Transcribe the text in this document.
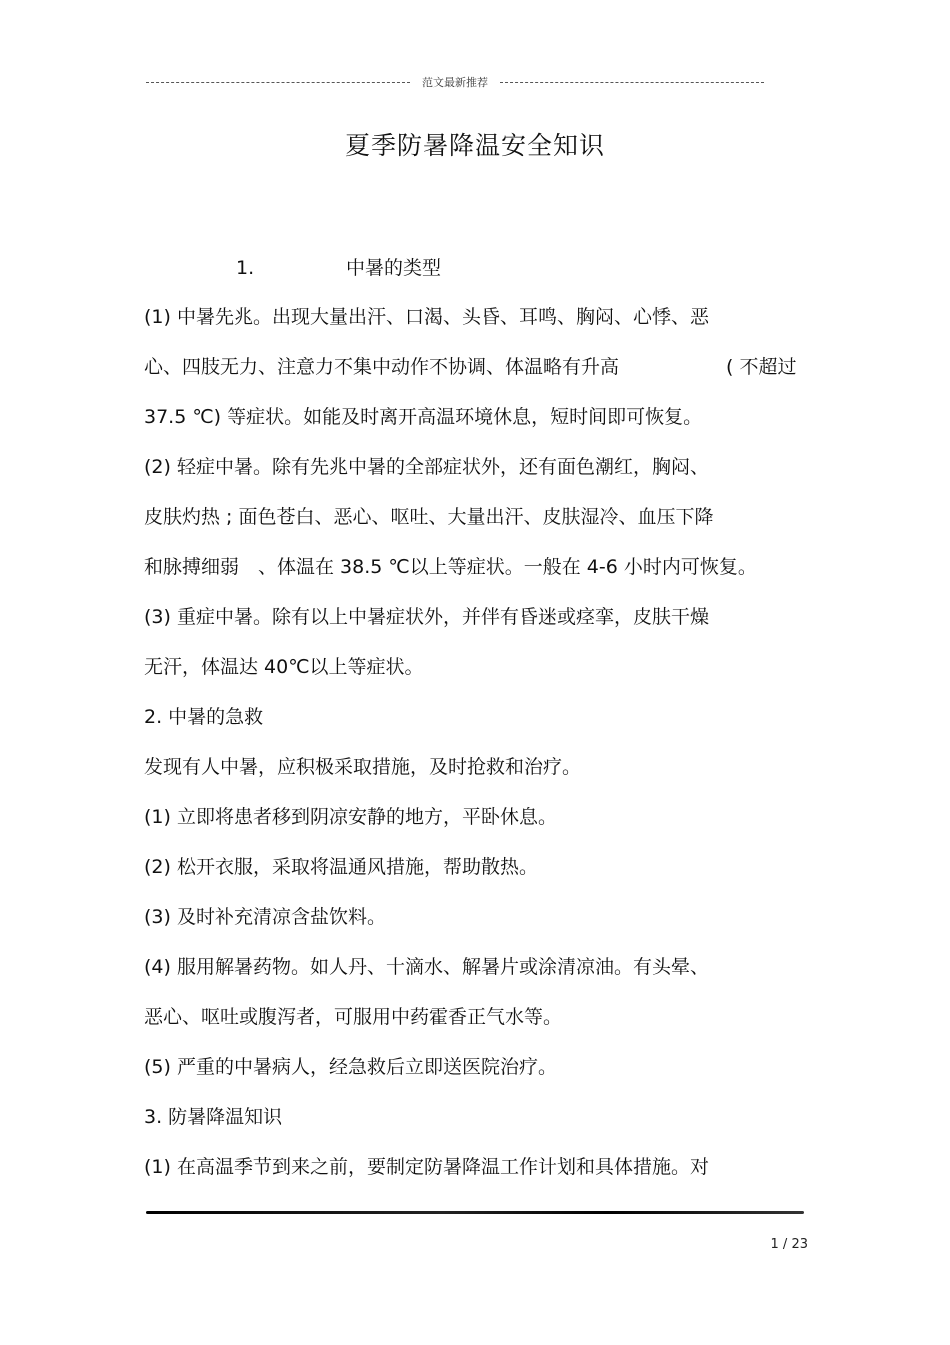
范文最新推荐
夏季防暑降温安全知识
1.	中暑的类型
(1) 中暑先兆。出现大量出汗、口渴、头昏、耳鸣、胸闷、心悸、恶
心、四肢无力、注意力不集中动作不协调、体温略有升高	( 不超过
37.5 ℃) 等症状。如能及时离开高温环境休息，短时间即可恢复。
(2) 轻症中暑。除有先兆中暑的全部症状外，还有面色潮红，胸闷、
皮肤灼热 ; 面色苍白、恶心、呕吐、大量出汗、皮肤湿冷、血压下降
和脉搏细弱　、体温在 38.5 ℃以上等症状。一般在 4-6 小时内可恢复。
(3) 重症中暑。除有以上中暑症状外，并伴有昏迷或痉挛，皮肤干燥
无汗，体温达 40℃以上等症状。
2. 中暑的急救
发现有人中暑，应积极采取措施，及时抢救和治疗。
(1) 立即将患者移到阴凉安静的地方，平卧休息。
(2) 松开衣服，采取将温通风措施，帮助散热。
(3) 及时补充清凉含盐饮料。
(4) 服用解暑药物。如人丹、十滴水、解暑片或涂清凉油。有头晕、
恶心、呕吐或腹泻者，可服用中药霍香正气水等。
(5) 严重的中暑病人，经急救后立即送医院治疗。
3. 防暑降温知识
(1) 在高温季节到来之前，要制定防暑降温工作计划和具体措施。对
1 / 23
